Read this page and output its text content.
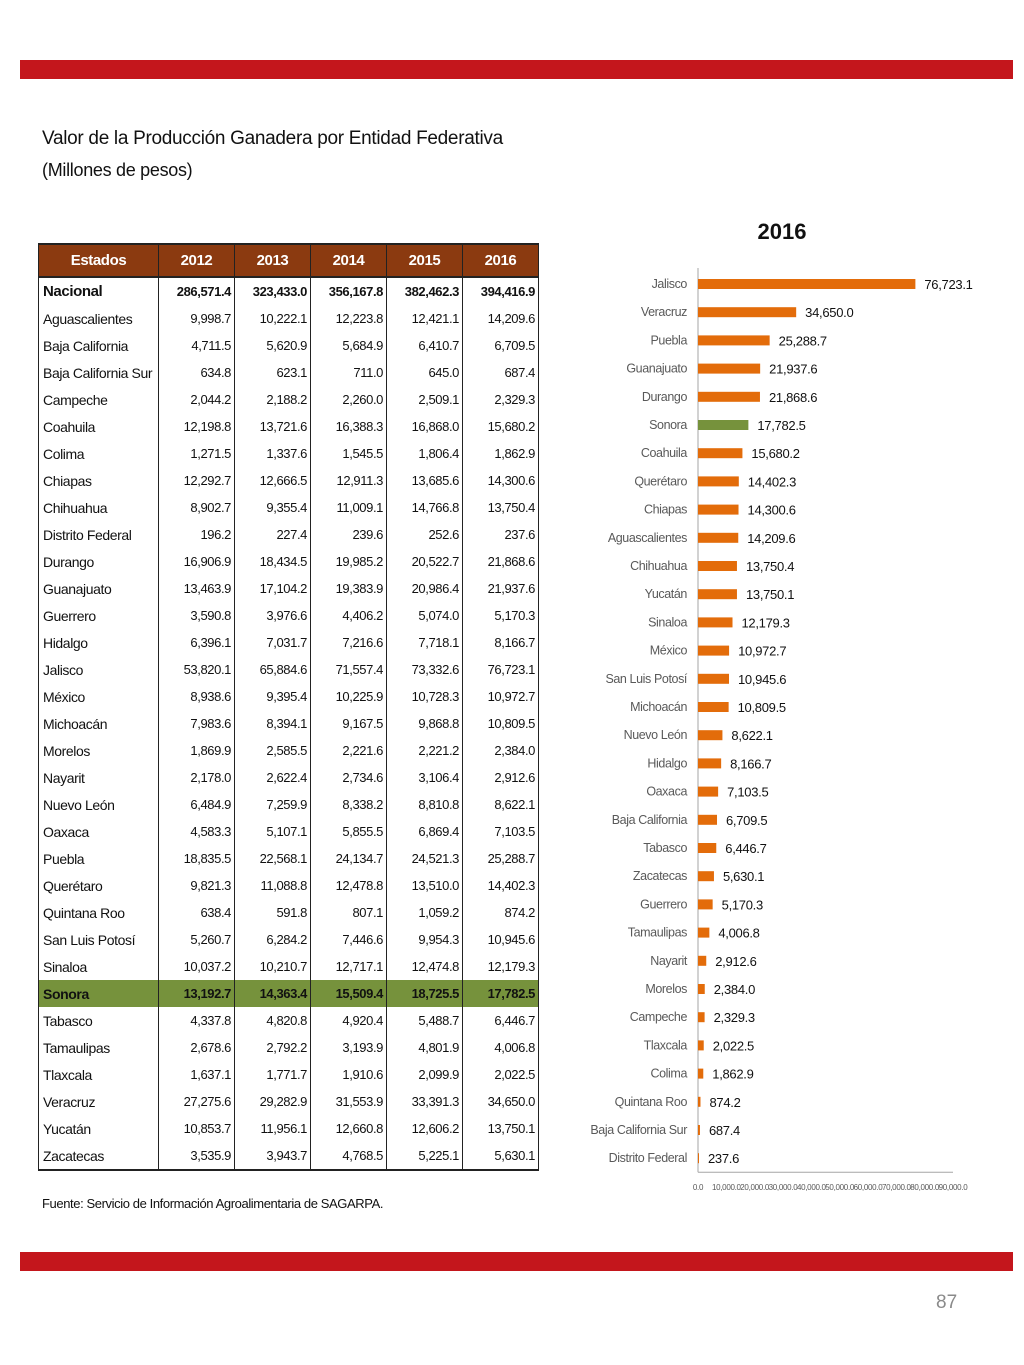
Valor de la Producción Ganadera por Entidad Federativa
(Millones de pesos)
Estados	2012	2013	2014	2015	2016
Nacional	286,571.4	323,433.0	356,167.8	382,462.3	394,416.9
Aguascalientes	9,998.7	10,222.1	12,223.8	12,421.1	14,209.6
Baja California	4,711.5	5,620.9	5,684.9	6,410.7	6,709.5
Baja California Sur	634.8	623.1	711.0	645.0	687.4
Campeche	2,044.2	2,188.2	2,260.0	2,509.1	2,329.3
Coahuila	12,198.8	13,721.6	16,388.3	16,868.0	15,680.2
Colima	1,271.5	1,337.6	1,545.5	1,806.4	1,862.9
Chiapas	12,292.7	12,666.5	12,911.3	13,685.6	14,300.6
Chihuahua	8,902.7	9,355.4	11,009.1	14,766.8	13,750.4
Distrito Federal	196.2	227.4	239.6	252.6	237.6
Durango	16,906.9	18,434.5	19,985.2	20,522.7	21,868.6
Guanajuato	13,463.9	17,104.2	19,383.9	20,986.4	21,937.6
Guerrero	3,590.8	3,976.6	4,406.2	5,074.0	5,170.3
Hidalgo	6,396.1	7,031.7	7,216.6	7,718.1	8,166.7
Jalisco	53,820.1	65,884.6	71,557.4	73,332.6	76,723.1
México	8,938.6	9,395.4	10,225.9	10,728.3	10,972.7
Michoacán	7,983.6	8,394.1	9,167.5	9,868.8	10,809.5
Morelos	1,869.9	2,585.5	2,221.6	2,221.2	2,384.0
Nayarit	2,178.0	2,622.4	2,734.6	3,106.4	2,912.6
Nuevo León	6,484.9	7,259.9	8,338.2	8,810.8	8,622.1
Oaxaca	4,583.3	5,107.1	5,855.5	6,869.4	7,103.5
Puebla	18,835.5	22,568.1	24,134.7	24,521.3	25,288.7
Querétaro	9,821.3	11,088.8	12,478.8	13,510.0	14,402.3
Quintana Roo	638.4	591.8	807.1	1,059.2	874.2
San Luis Potosí	5,260.7	6,284.2	7,446.6	9,954.3	10,945.6
Sinaloa	10,037.2	10,210.7	12,717.1	12,474.8	12,179.3
Sonora	13,192.7	14,363.4	15,509.4	18,725.5	17,782.5
Tabasco	4,337.8	4,820.8	4,920.4	5,488.7	6,446.7
Tamaulipas	2,678.6	2,792.2	3,193.9	4,801.9	4,006.8
Tlaxcala	1,637.1	1,771.7	1,910.6	2,099.9	2,022.5
Veracruz	27,275.6	29,282.9	31,553.9	33,391.3	34,650.0
Yucatán	10,853.7	11,956.1	12,660.8	12,606.2	13,750.1
Zacatecas	3,535.9	3,943.7	4,768.5	5,225.1	5,630.1
2016
Jalisco	76,723.1
Veracruz	34,650.0
Puebla	25,288.7
Guanajuato	21,937.6
Durango	21,868.6
Sonora	17,782.5
Coahuila	15,680.2
Querétaro	14,402.3
Chiapas	14,300.6
Aguascalientes	14,209.6
Chihuahua	13,750.4
Yucatán	13,750.1
Sinaloa	12,179.3
México	10,972.7
San Luis Potosí	10,945.6
Michoacán	10,809.5
Nuevo León	8,622.1
Hidalgo	8,166.7
Oaxaca	7,103.5
Baja California	6,709.5
Tabasco	6,446.7
Zacatecas	5,630.1
Guerrero	5,170.3
Tamaulipas 4,006.8
Nayarit 2,912.6
Morelos 2,384.0
Campeche 2,329.3
Tlaxcala 2,022.5
Colima 1,862.9
Quintana Roo 874.2
Baja California Sur 687.4
Distrito Federal 237.6
0.0 10,000.0 20,000.0 30,000.0 40,000.0 50,000.0 60,000.0 70,000.0 80,000.0 90,000.0
Fuente: Servicio de Información Agroalimentaria de SAGARPA.
87
